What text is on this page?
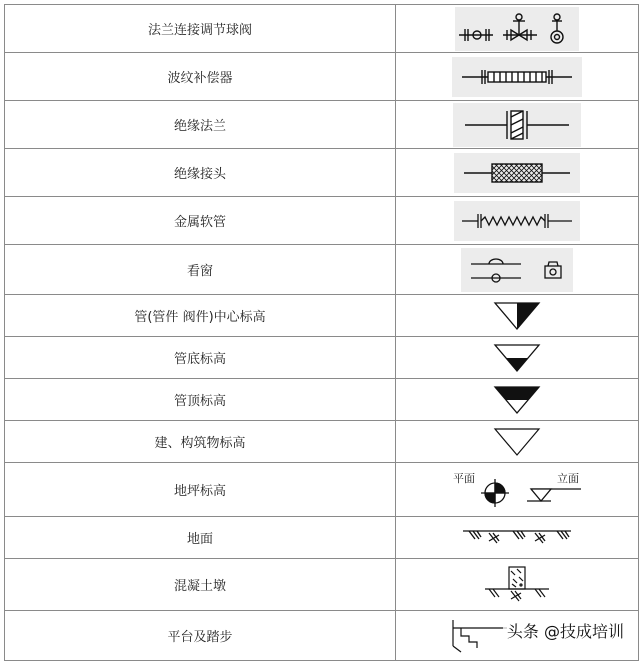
法兰连接调节球阀	

波纹补偿器	

绝缘法兰	

绝缘接头	

金属软管	

看窗	

管(管件 阀件)中心标高	

管底标高	

管顶标高	

建、构筑物标高	

地坪标高	平面 立面

地面	

混凝土墩	

平台及踏步		头条 @技成培训
